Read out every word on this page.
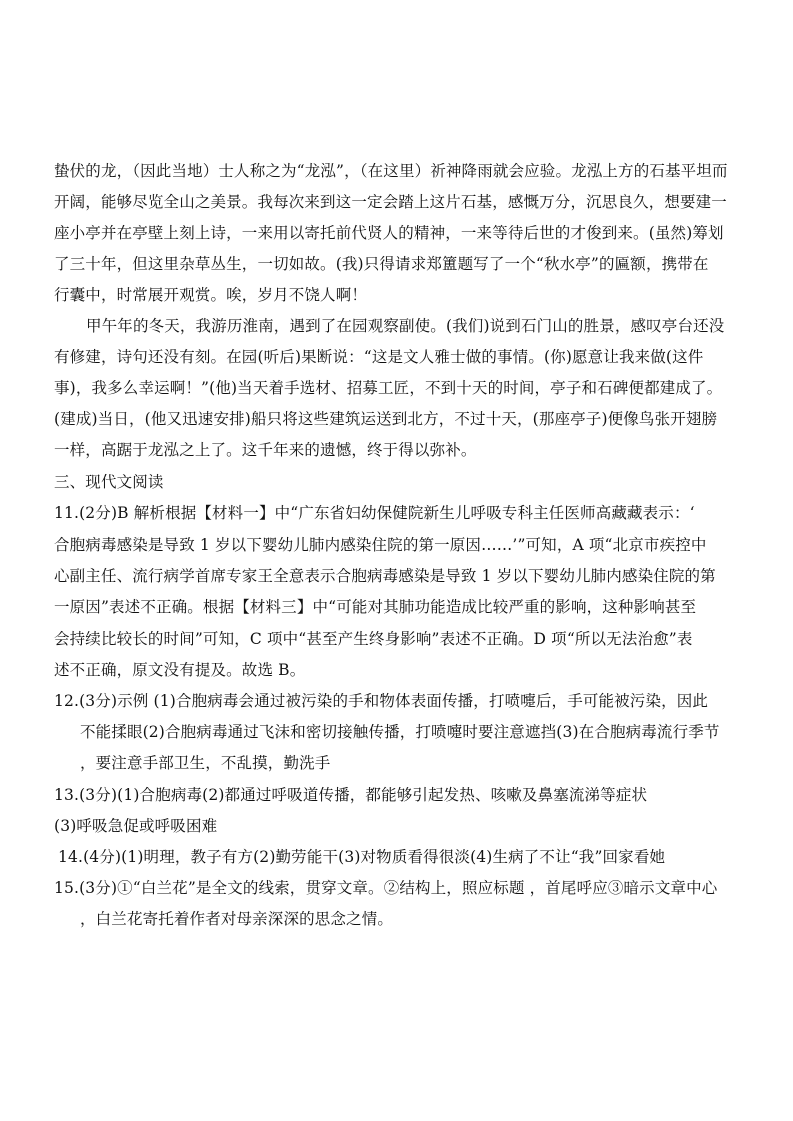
蛰伏的龙，（因此当地）士人称之为“龙泓”，（在这里）祈神降雨就会应验。龙泓上方的石基平坦而
开阔，能够尽览全山之美景。我每次来到这一定会踏上这片石基，感慨万分，沉思良久，想要建一
座小亭并在亭壁上刻上诗，一来用以寄托前代贤人的精神，一来等待后世的才俊到来。(虽然)筹划
了三十年，但这里杂草丛生，一切如故。(我)只得请求郑簠题写了一个“秋水亭”的匾额，携带在
行囊中，时常展开观赏。唉，岁月不饶人啊！
甲午年的冬天，我游历淮南，遇到了在园观察副使。(我们)说到石门山的胜景，感叹亭台还没
有修建，诗句还没有刻。在园(听后)果断说：“这是文人雅士做的事情。(你)愿意让我来做(这件
事)，我多么幸运啊！”(他)当天着手选材、招募工匠，不到十天的时间，亭子和石碑便都建成了。
(建成)当日，(他又迅速安排)船只将这些建筑运送到北方，不过十天，(那座亭子)便像鸟张开翅膀
一样，高踞于龙泓之上了。这千年来的遗憾，终于得以弥补。
三、现代文阅读
11.(2分)B 解析根据【材料一】中“广东省妇幼保健院新生儿呼吸专科主任医师高藏藏表示：‘
合胞病毒感染是导致 1 岁以下婴幼儿肺内感染住院的第一原因……’”可知，A 项“北京市疾控中
心副主任、流行病学首席专家王全意表示合胞病毒感染是导致 1 岁以下婴幼儿肺内感染住院的第
一原因”表述不正确。根据【材料三】中“可能对其肺功能造成比较严重的影响，这种影响甚至
会持续比较长的时间”可知，C 项中“甚至产生终身影响”表述不正确。D 项“所以无法治愈”表
述不正确，原文没有提及。故选 B。
12.(3分)示例 (1)合胞病毒会通过被污染的手和物体表面传播，打喷嚏后，手可能被污染，因此
不能揉眼(2)合胞病毒通过飞沫和密切接触传播，打喷嚏时要注意遮挡(3)在合胞病毒流行季节
，要注意手部卫生，不乱摸，勤洗手
13.(3分)(1)合胞病毒(2)都通过呼吸道传播，都能够引起发热、咳嗽及鼻塞流涕等症状
(3)呼吸急促或呼吸困难
14.(4分)(1)明理，教子有方(2)勤劳能干(3)对物质看得很淡(4)生病了不让“我”回家看她
15.(3分)①“白兰花”是全文的线索，贯穿文章。②结构上，照应标题 ，首尾呼应③暗示文章中心
，白兰花寄托着作者对母亲深深的思念之情。
